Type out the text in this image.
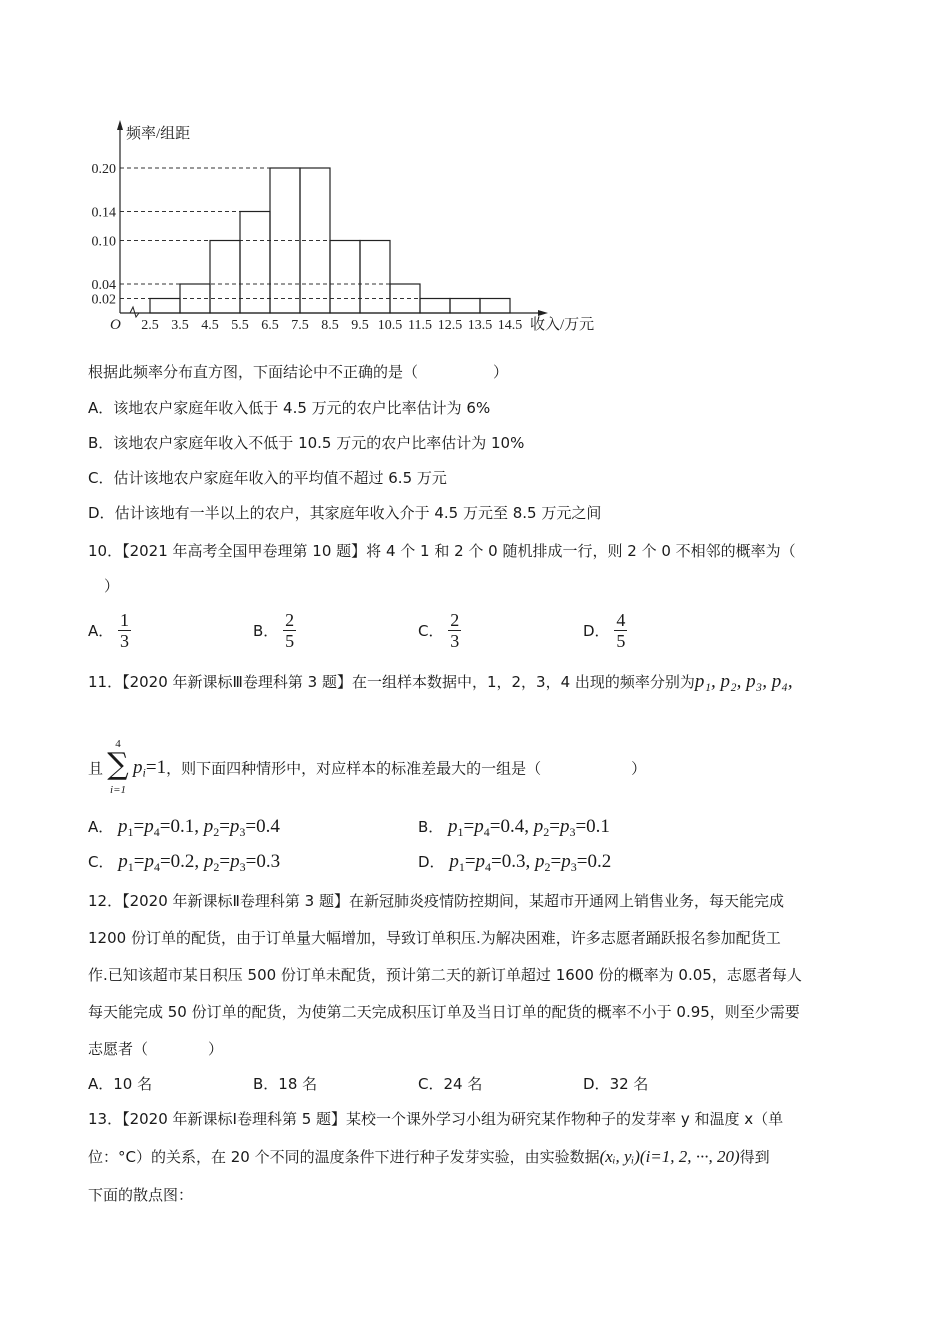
0.02
0.04
0.10
0.14
0.20
频率/组距
O 2.5 3.5 4.5 5.5 6.5 7.5 8.5 9.5 10.5 11.5 12.5 13.5 14.5 收入/万元
根据此频率分布直方图，下面结论中不正确的是（　　　　　）
A．该地农户家庭年收入低于 4.5 万元的农户比率估计为 6%
B．该地农户家庭年收入不低于 10.5 万元的农户比率估计为 10%
C．估计该地农户家庭年收入的平均值不超过 6.5 万元
D．估计该地有一半以上的农户，其家庭年收入介于 4.5 万元至 8.5 万元之间
10．【2021 年高考全国甲卷理第 10 题】将 4 个 1 和 2 个 0 随机排成一行，则 2 个 0 不相邻的概率为（
）
A． $\frac{1}{3}$	B． $\frac{2}{5}$	C． $\frac{2}{3}$	D． $\frac{4}{5}$
11．【2020 年新课标Ⅲ卷理科第 3 题】在一组样本数据中，1，2，3，4 出现的频率分别为p₁, p₂, p₃, p₄,
且
4
∑
i=1
$p_i=1$，则下面四种情形中，对应样本的标准差最大的一组是（　　　　　　）
A． $p_1=p_4=0.1$, $p_2=p_3=0.4$	B． $p_1=p_4=0.4$, $p_2=p_3=0.1$
C． $p_1=p_4=0.2$, $p_2=p_3=0.3$	D． $p_1=p_4=0.3$, $p_2=p_3=0.2$
12．【2020 年新课标Ⅱ卷理科第 3 题】在新冠肺炎疫情防控期间，某超市开通网上销售业务，每天能完成
1200 份订单的配货，由于订单量大幅增加，导致订单积压.为解决困难，许多志愿者踊跃报名参加配货工
作.已知该超市某日积压 500 份订单未配货，预计第二天的新订单超过 1600 份的概率为 0.05，志愿者每人
每天能完成 50 份订单的配货，为使第二天完成积压订单及当日订单的配货的概率不小于 0.95，则至少需要
志愿者（　　　　）
A．10 名	B．18 名	C．24 名	D．32 名
13．【2020 年新课标Ⅰ卷理科第 5 题】某校一个课外学习小组为研究某作物种子的发芽率 y 和温度 x（单
位：°C）的关系，在 20 个不同的温度条件下进行种子发芽实验，由实验数据(xᵢ, yᵢ)(i=1, 2, ···, 20)得到
下面的散点图：
